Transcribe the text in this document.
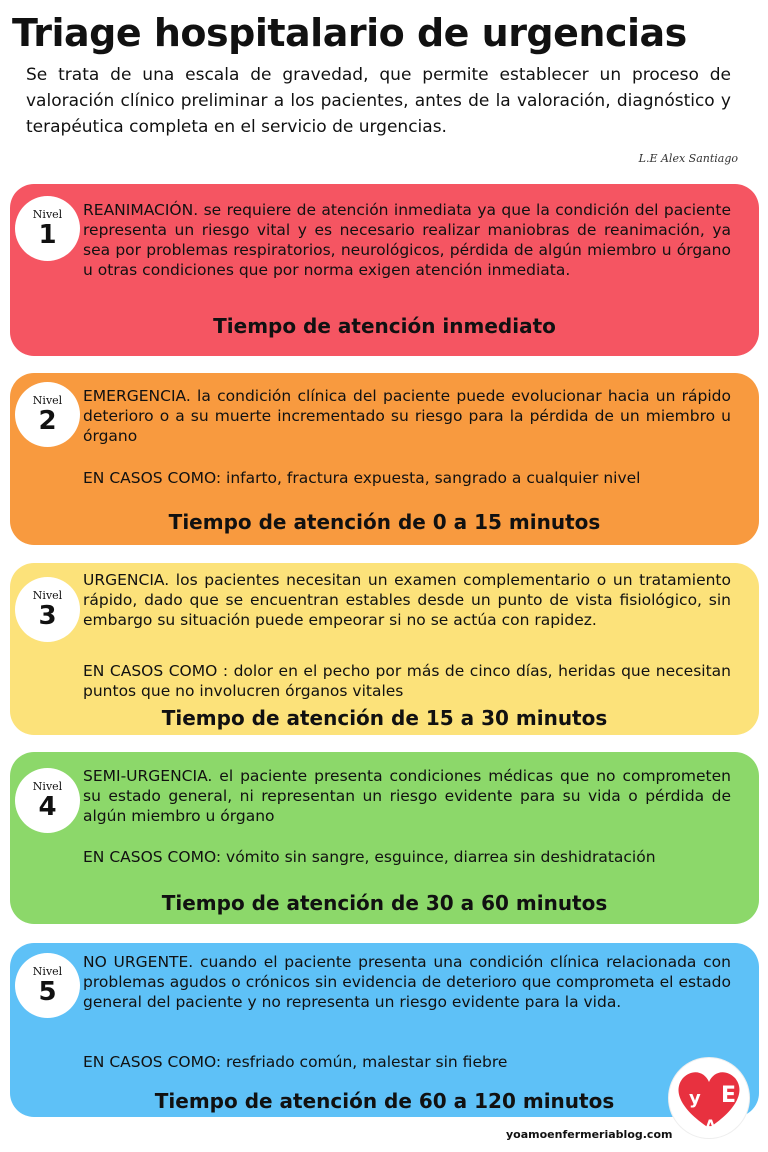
Triage hospitalario de urgencias
Se trata de una escala de gravedad, que permite establecer un proceso de valoración clínico preliminar a los pacientes, antes de la valoración, diagnóstico y terapéutica completa en el servicio de urgencias.
L.E Alex Santiago
Nivel
1
REANIMACIÓN. se requiere de atención inmediata ya que la condición del paciente representa un riesgo vital y es necesario realizar maniobras de reanimación, ya sea por problemas respiratorios, neurológicos, pérdida de algún miembro u órgano u otras condiciones que por norma exigen atención inmediata.
Tiempo de atención inmediato
Nivel
2
EMERGENCIA. la condición clínica del paciente puede evolucionar hacia un rápido deterioro o a su muerte incrementado su riesgo para la pérdida de un miembro u órgano
EN CASOS COMO: infarto, fractura expuesta, sangrado a cualquier nivel
Tiempo de atención de 0 a 15 minutos
Nivel
3
URGENCIA. los pacientes necesitan un examen complementario o un tratamiento rápido, dado que se encuentran estables desde un punto de vista fisiológico, sin embargo su situación puede empeorar si no se actúa con rapidez.
EN CASOS COMO : dolor en el pecho por más de cinco días, heridas que necesitan puntos que no involucren órganos vitales
Tiempo de atención de 15 a 30 minutos
Nivel
4
SEMI-URGENCIA. el paciente presenta condiciones médicas que no comprometen su estado general, ni representan un riesgo evidente para su vida o pérdida de algún miembro u órgano
EN CASOS COMO: vómito sin sangre, esguince, diarrea sin deshidratación
Tiempo de atención de 30 a 60 minutos
Nivel
5
NO URGENTE. cuando el paciente presenta una condición clínica relacionada con problemas agudos o crónicos sin evidencia de deterioro que comprometa el estado general del paciente y no representa un riesgo evidente para la vida.
EN CASOS COMO: resfriado común, malestar sin fiebre
Tiempo de atención de 60 a 120 minutos	y
A
E
yoamoenfermeriablog.com
